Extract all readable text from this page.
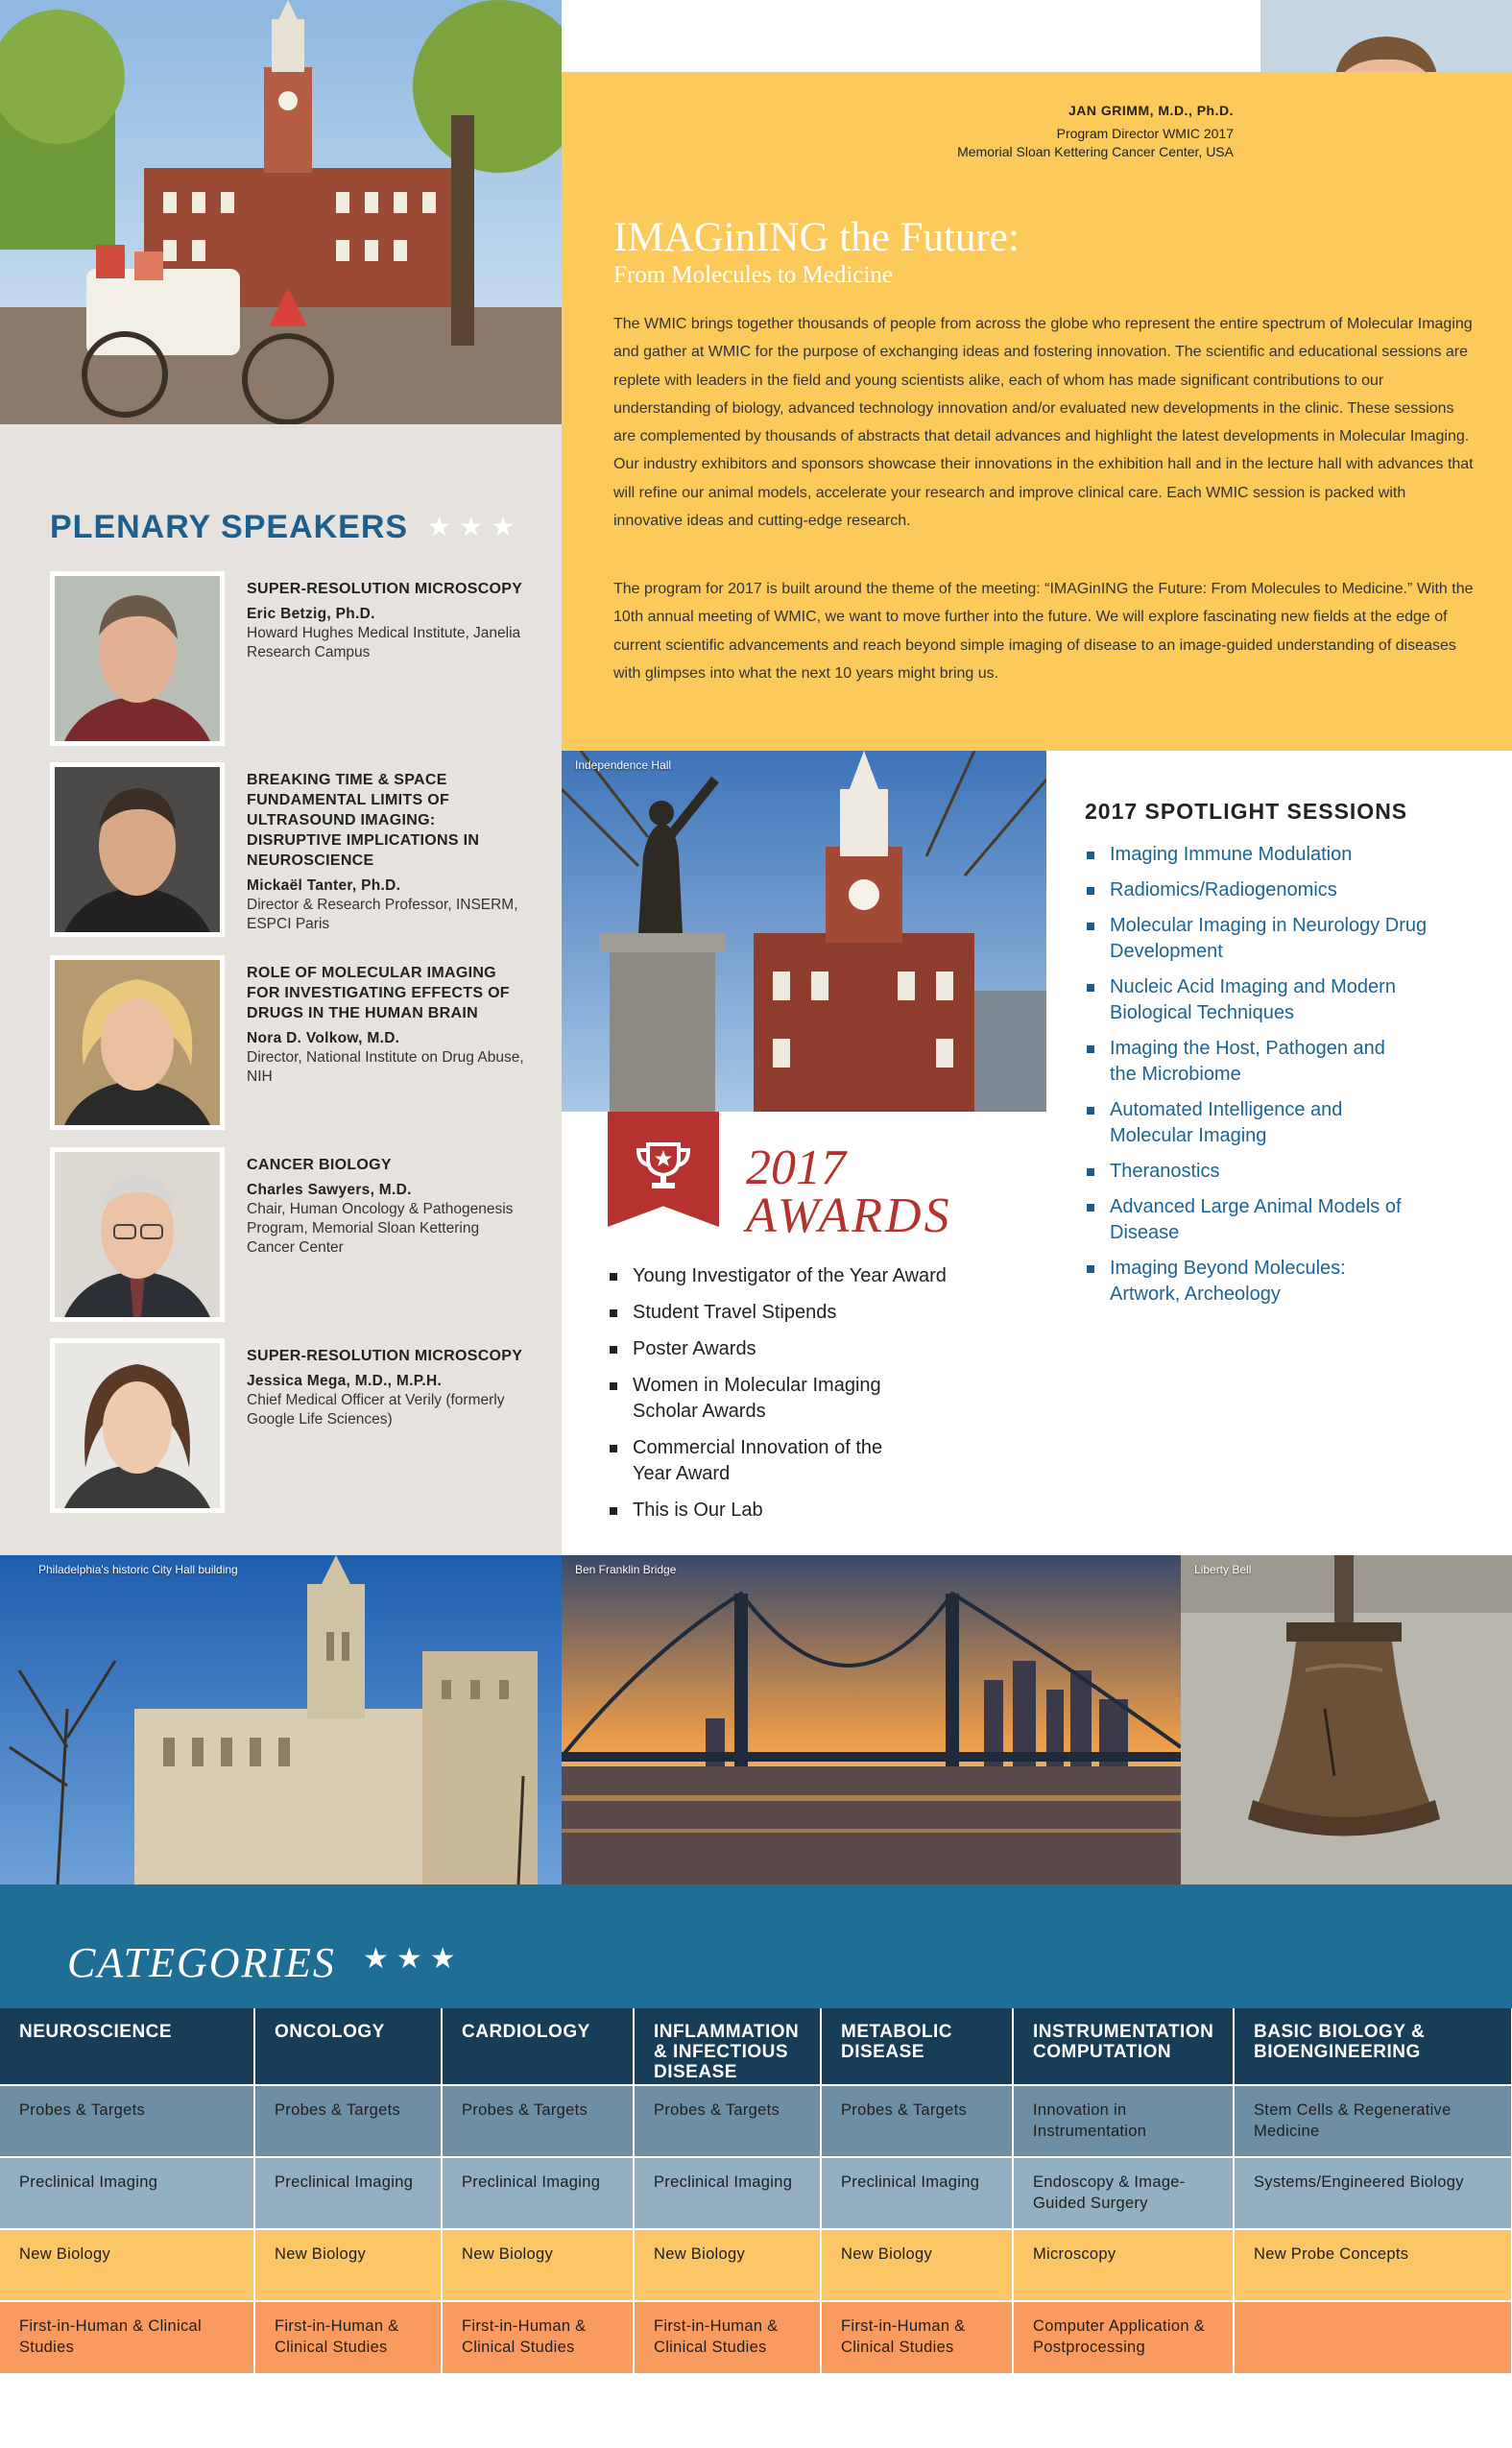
JAN GRIMM, M.D., Ph.D.
Program Director WMIC 2017
Memorial Sloan Kettering Cancer Center, USA
IMAGinING the Future:
From Molecules to Medicine

The WMIC brings together thousands of people from across the globe who represent the entire spectrum of Molecular Imaging and gather at WMIC for the purpose of exchanging ideas and fostering innovation. The scientific and educational sessions are replete with leaders in the field and young scientists alike, each of whom has made significant contributions to our understanding of biology, advanced technology innovation and/or evaluated new developments in the clinic. These sessions are complemented by thousands of abstracts that detail advances and highlight the latest developments in Molecular Imaging. Our industry exhibitors and sponsors showcase their innovations in the exhibition hall and in the lecture hall with advances that will refine our animal models, accelerate your research and improve clinical care. Each WMIC session is packed with innovative ideas and cutting-edge research.

The program for 2017 is built around the theme of the meeting: “IMAGinING the Future: From Molecules to Medicine.” With the 10th annual meeting of WMIC, we want to move further into the future. We will explore fascinating new fields at the edge of current scientific advancements and reach beyond simple imaging of disease to an image-guided understanding of diseases with glimpses into what the next 10 years might bring us.

PLENARY SPEAKERS ★★★
SUPER-RESOLUTION MICROSCOPY
Eric Betzig, Ph.D.
Howard Hughes Medical Institute, Janelia Research Campus
BREAKING TIME & SPACE FUNDAMENTAL LIMITS OF ULTRASOUND IMAGING: DISRUPTIVE IMPLICATIONS IN NEUROSCIENCE
Mickaël Tanter, Ph.D.
Director & Research Professor, INSERM, ESPCI Paris
ROLE OF MOLECULAR IMAGING FOR INVESTIGATING EFFECTS OF DRUGS IN THE HUMAN BRAIN
Nora D. Volkow, M.D.
Director, National Institute on Drug Abuse, NIH
CANCER BIOLOGY
Charles Sawyers, M.D.
Chair, Human Oncology & Pathogenesis Program, Memorial Sloan Kettering Cancer Center
SUPER-RESOLUTION MICROSCOPY
Jessica Mega, M.D., M.P.H.
Chief Medical Officer at Verily (formerly Google Life Sciences)
Independence Hall
2017
AWARDS
Young Investigator of the Year Award
Student Travel Stipends
Poster Awards
Women in Molecular Imaging Scholar Awards
Commercial Innovation of the Year Award
This is Our Lab
2017 SPOTLIGHT SESSIONS
Imaging Immune Modulation
Radiomics/Radiogenomics
Molecular Imaging in Neurology Drug Development
Nucleic Acid Imaging and Modern Biological Techniques
Imaging the Host, Pathogen and the Microbiome
Automated Intelligence and Molecular Imaging
Theranostics
Advanced Large Animal Models of Disease
Imaging Beyond Molecules: Artwork, Archeology
Philadelphia's historic City Hall building	Ben Franklin Bridge	Liberty Bell
CATEGORIES ★★★
NEUROSCIENCE	ONCOLOGY	CARDIOLOGY	INFLAMMATION & INFECTIOUS DISEASE	METABOLIC DISEASE	INSTRUMENTATION COMPUTATION	BASIC BIOLOGY & BIOENGINEERING
Probes & Targets	Probes & Targets	Probes & Targets	Probes & Targets	Probes & Targets	Innovation in Instrumentation	Stem Cells & Regenerative Medicine
Preclinical Imaging	Preclinical Imaging	Preclinical Imaging	Preclinical Imaging	Preclinical Imaging	Endoscopy & Image-Guided Surgery	Systems/Engineered Biology
New Biology	New Biology	New Biology	New Biology	New Biology	Microscopy	New Probe Concepts
First-in-Human & Clinical Studies	First-in-Human & Clinical Studies	First-in-Human & Clinical Studies	First-in-Human & Clinical Studies	First-in-Human & Clinical Studies	Computer Application & Postprocessing	
